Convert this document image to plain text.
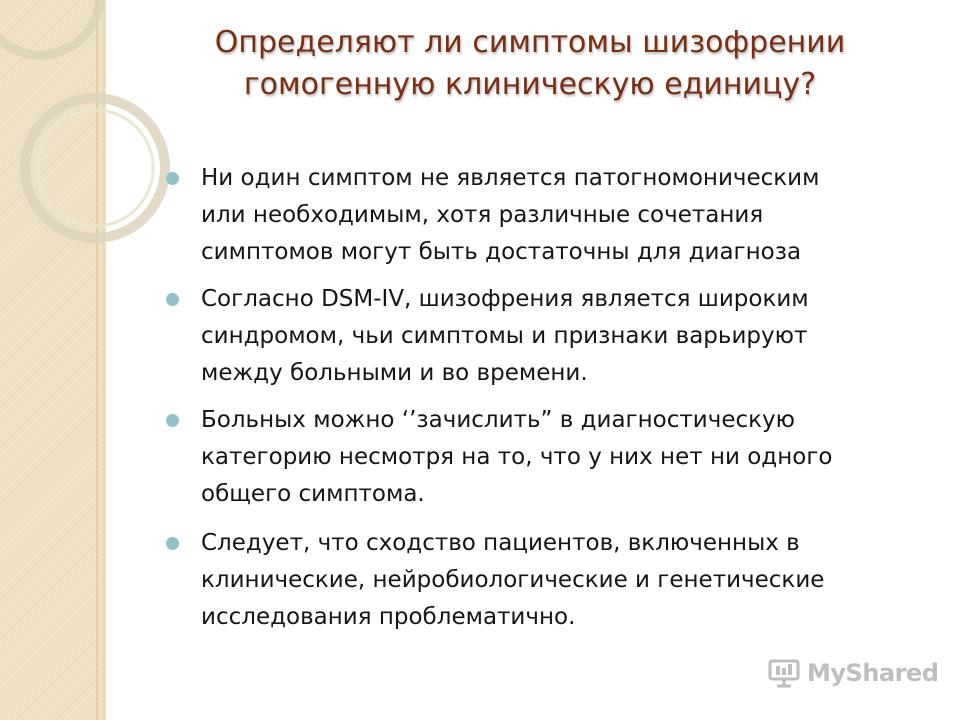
Определяют ли симптомы шизофрении
гомогенную клиническую единицу?
Ни один симптом не является патогномоническим
или необходимым, хотя различные сочетания
симптомов могут быть достаточны для диагноза
Согласно DSM-IV, шизофрения является широким
синдромом, чьи симптомы и признаки варьируют
между больными и во времени.
Больных можно ‘’зачислить” в диагностическую
категорию несмотря на то, что у них нет ни одного
общего симптома.
Следует, что сходство пациентов, включенных в
клинические, нейробиологические и генетические
исследования проблематично.
MyShared
